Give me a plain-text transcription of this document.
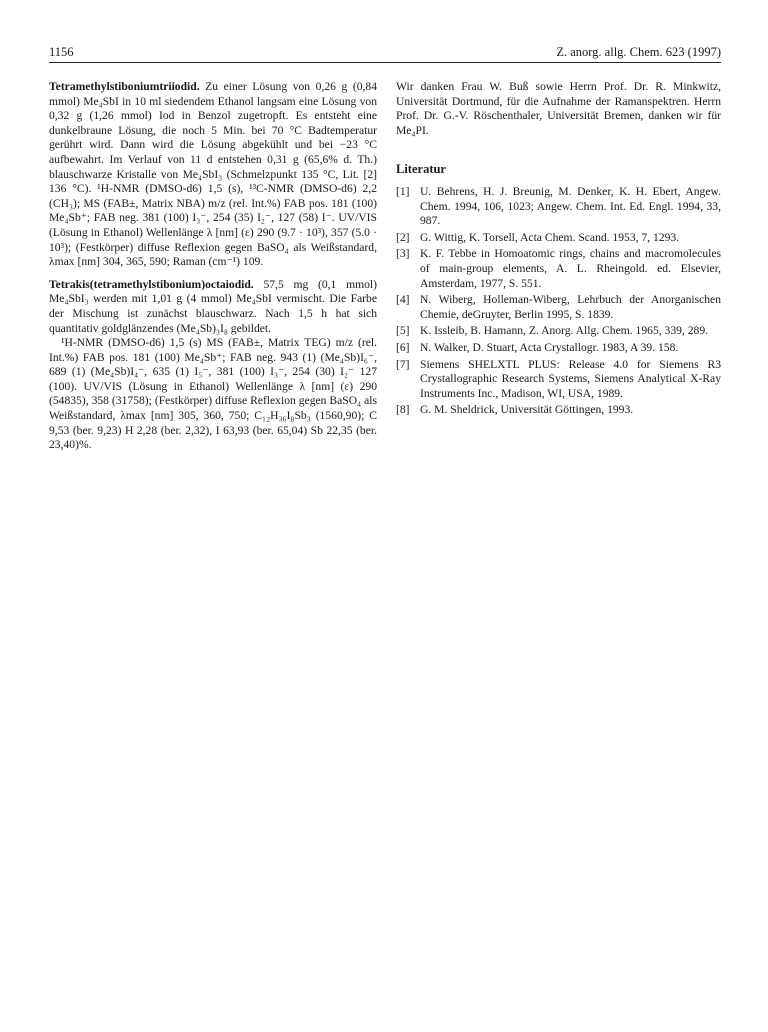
1156	Z. anorg. allg. Chem. 623 (1997)

Tetramethylstiboniumtriiodid. Zu einer Lösung von 0,26 g (0,84 mmol) Me₄SbI in 10 ml siedendem Ethanol langsam eine Lösung von 0,32 g (1,26 mmol) Iod in Benzol zugetropft. Es entsteht eine dunkelbraune Lösung, die noch 5 Min. bei 70 °C Badtemperatur gerührt wird. Dann wird die Lösung abgekühlt und bei −23 °C aufbewahrt. Im Verlauf von 11 d entstehen 0,31 g (65,6% d. Th.) blauschwarze Kristalle von Me₄SbI₃ (Schmelzpunkt 135 °C, Lit. [2] 136 °C). ¹H-NMR (DMSO-d6) 1,5 (s), ¹³C-NMR (DMSO-d6) 2,2 (CH₃); MS (FAB±, Matrix NBA) m/z (rel. Int.%) FAB pos. 181 (100) Me₄Sb⁺; FAB neg. 381 (100) I₃⁻, 254 (35) I₂⁻, 127 (58) I⁻. UV/VIS (Lösung in Ethanol) Wellenlänge λ [nm] (ε) 290 (9.7 · 10³), 357 (5.0 · 10³); (Festkörper) diffuse Reflexion gegen BaSO₄ als Weißstandard, λmax [nm] 304, 365, 590; Raman (cm⁻¹) 109.

Tetrakis(tetramethylstibonium)octaiodid. 57,5 mg (0,1 mmol) Me₄SbI₃ werden mit 1,01 g (4 mmol) Me₄SbI vermischt. Die Farbe der Mischung ist zunächst blauschwarz. Nach 1,5 h hat sich quantitativ goldglänzendes (Me₄Sb)₃I₈ gebildet.

¹H-NMR (DMSO-d6) 1,5 (s) MS (FAB±, Matrix TEG) m/z (rel. Int.%) FAB pos. 181 (100) Me₄Sb⁺; FAB neg. 943 (1) (Me₄Sb)I₆⁻, 689 (1) (Me₄Sb)I₄⁻, 635 (1) I₅⁻, 381 (100) I₃⁻, 254 (30) I₂⁻ 127 (100). UV/VIS (Lösung in Ethanol) Wellenlänge λ [nm] (ε) 290 (54835), 358 (31758); (Festkörper) diffuse Reflexion gegen BaSO₄ als Weißstandard, λmax [nm] 305, 360, 750; C₁₂H₃₆I₈Sb₃ (1560,90); C 9,53 (ber. 9,23) H 2,28 (ber. 2,32), I 63,93 (ber. 65,04) Sb 22,35 (ber. 23,40)%.

Wir danken Frau W. Buß sowie Herrn Prof. Dr. R. Minkwitz, Universität Dortmund, für die Aufnahme der Ramanspektren. Herrn Prof. Dr. G.-V. Röschenthaler, Universität Bremen, danken wir für Me₄PI.

Literatur
[1] U. Behrens, H. J. Breunig, M. Denker, K. H. Ebert, Angew. Chem. 1994, 106, 1023; Angew. Chem. Int. Ed. Engl. 1994, 33, 987.
[2] G. Wittig, K. Torsell, Acta Chem. Scand. 1953, 7, 1293.
[3] K. F. Tebbe in Homoatomic rings, chains and macromolecules of main-group elements, A. L. Rheingold. ed. Elsevier, Amsterdam, 1977, S. 551.
[4] N. Wiberg, Holleman-Wiberg, Lehrbuch der Anorganischen Chemie, deGruyter, Berlin 1995, S. 1839.
[5] K. Issleib, B. Hamann, Z. Anorg. Allg. Chem. 1965, 339, 289.
[6] N. Walker, D. Stuart, Acta Crystallogr. 1983, A 39. 158.
[7] Siemens SHELXTL PLUS: Release 4.0 for Siemens R3 Crystallographic Research Systems, Siemens Analytical X-Ray Instruments Inc., Madison, WI, USA, 1989.
[8] G. M. Sheldrick, Universität Göttingen, 1993.
